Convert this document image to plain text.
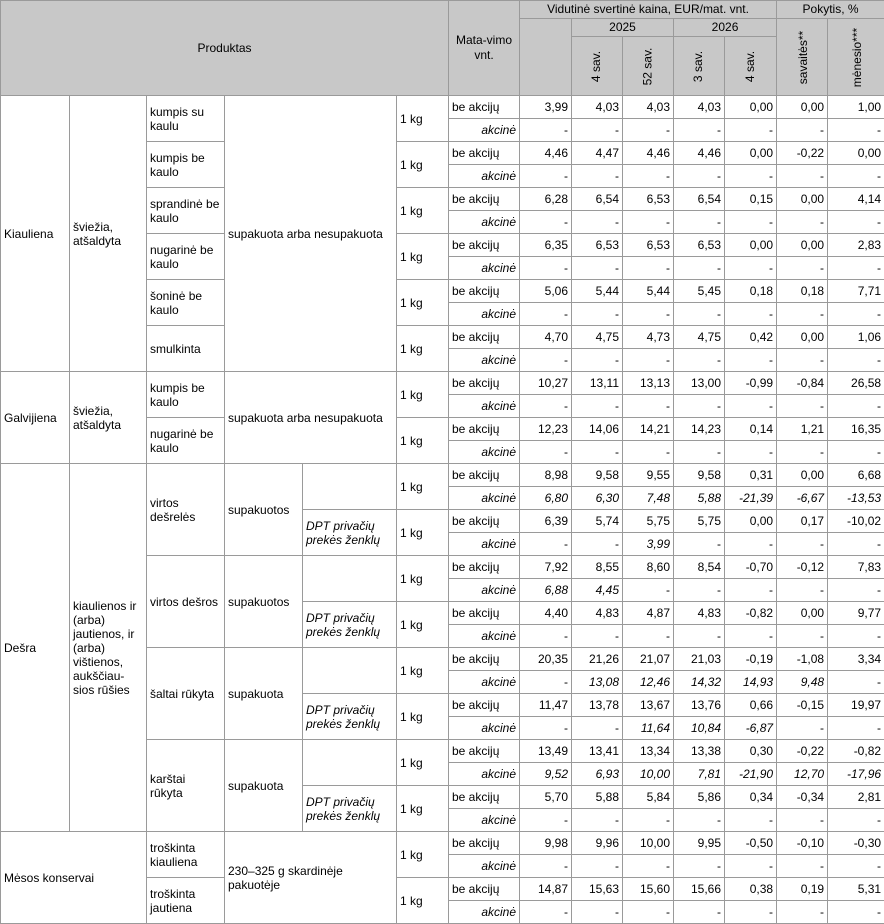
Produktas						Mata-vimo vnt.	Vidutinė svertinė kaina, EUR/mat. vnt.					Pokytis, %		
								2025		2026		savaitės**	mėnesio***	
								4 sav.	52 sav.	3 sav.	4 sav.			
Kiauliena	šviežia, atšaldyta	kumpis su kaulu	supakuota arba nesupakuota		1 kg	be akcijų	3,99	4,03	4,03	4,03	0,00	0,00	1,00	
						akcinė	-	-	-	-	-	-	-	
		kumpis be kaulo			1 kg	be akcijų	4,46	4,47	4,46	4,46	0,00	-0,22	0,00	
						akcinė	-	-	-	-	-	-	-	
		sprandinė be kaulo			1 kg	be akcijų	6,28	6,54	6,53	6,54	0,15	0,00	4,14	
						akcinė	-	-	-	-	-	-	-	
		nugarinė be kaulo			1 kg	be akcijų	6,35	6,53	6,53	6,53	0,00	0,00	2,83	
						akcinė	-	-	-	-	-	-	-	
		šoninė be kaulo			1 kg	be akcijų	5,06	5,44	5,44	5,45	0,18	0,18	7,71	
						akcinė	-	-	-	-	-	-	-	
		smulkinta			1 kg	be akcijų	4,70	4,75	4,73	4,75	0,42	0,00	1,06	
						akcinė	-	-	-	-	-	-	-	
Galvijiena	šviežia, atšaldyta	kumpis be kaulo	supakuota arba nesupakuota		1 kg	be akcijų	10,27	13,11	13,13	13,00	-0,99	-0,84	26,58	
						akcinė	-	-	-	-	-	-	-	
		nugarinė be kaulo			1 kg	be akcijų	12,23	14,06	14,21	14,23	0,14	1,21	16,35	
						akcinė	-	-	-	-	-	-	-	
Dešra	kiaulienos ir (arba) jautienos, ir (arba) vištienos, aukščiau-sios rūšies	virtos dešrelės	supakuotos		1 kg	be akcijų	8,98	9,58	9,55	9,58	0,31	0,00	6,68	
						akcinė	6,80	6,30	7,48	5,88	-21,39	-6,67	-13,53	
				DPT privačių prekės ženklų	1 kg	be akcijų	6,39	5,74	5,75	5,75	0,00	0,17	-10,02	
						akcinė	-	-	3,99	-	-	-	-	
		virtos dešros	supakuotos		1 kg	be akcijų	7,92	8,55	8,60	8,54	-0,70	-0,12	7,83	
						akcinė	6,88	4,45	-	-	-	-	-	
				DPT privačių prekės ženklų	1 kg	be akcijų	4,40	4,83	4,87	4,83	-0,82	0,00	9,77	
						akcinė	-	-	-	-	-	-	-	
		šaltai rūkyta	supakuota		1 kg	be akcijų	20,35	21,26	21,07	21,03	-0,19	-1,08	3,34	
						akcinė	-	13,08	12,46	14,32	14,93	9,48	-	
				DPT privačių prekės ženklų	1 kg	be akcijų	11,47	13,78	13,67	13,76	0,66	-0,15	19,97	
						akcinė	-	-	11,64	10,84	-6,87	-	-	
		karštai rūkyta	supakuota		1 kg	be akcijų	13,49	13,41	13,34	13,38	0,30	-0,22	-0,82	
						akcinė	9,52	6,93	10,00	7,81	-21,90	12,70	-17,96	
				DPT privačių prekės ženklų	1 kg	be akcijų	5,70	5,88	5,84	5,86	0,34	-0,34	2,81	
						akcinė	-	-	-	-	-	-	-	
Mėsos konservai		troškinta kiauliena	230–325 g skardinėje pakuotėje		1 kg	be akcijų	9,98	9,96	10,00	9,95	-0,50	-0,10	-0,30	
						akcinė	-	-	-	-	-	-	-	
		troškinta jautiena			1 kg	be akcijų	14,87	15,63	15,60	15,66	0,38	0,19	5,31	
						akcinė	-	-	-	-	-	-	-	
